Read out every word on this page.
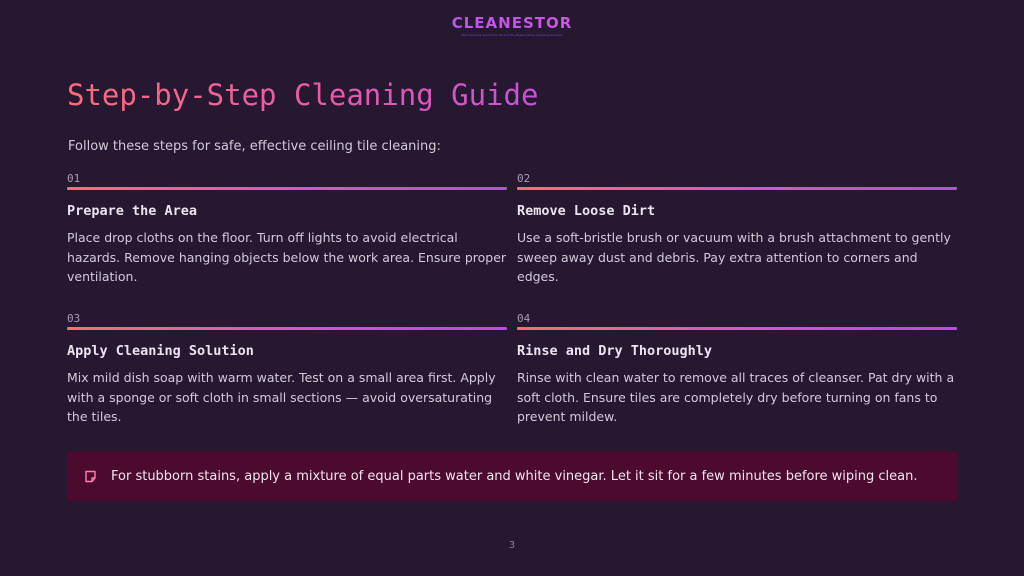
CLEANESTOR
The Cleaning Source for All and the Desire Home Cleaning Solution
Step-by-Step Cleaning Guide

Follow these steps for safe, effective ceiling tile cleaning:

01
Prepare the Area
Place drop cloths on the floor. Turn off lights to avoid electrical hazards. Remove hanging objects below the work area. Ensure proper ventilation.
02
Remove Loose Dirt
Use a soft-bristle brush or vacuum with a brush attachment to gently sweep away dust and debris. Pay extra attention to corners and edges.
03
Apply Cleaning Solution
Mix mild dish soap with warm water. Test on a small area first. Apply with a sponge or soft cloth in small sections — avoid oversaturating the tiles.
04
Rinse and Dry Thoroughly
Rinse with clean water to remove all traces of cleanser. Pat dry with a soft cloth. Ensure tiles are completely dry before turning on fans to prevent mildew.
For stubborn stains, apply a mixture of equal parts water and white vinegar. Let it sit for a few minutes before wiping clean.
3
